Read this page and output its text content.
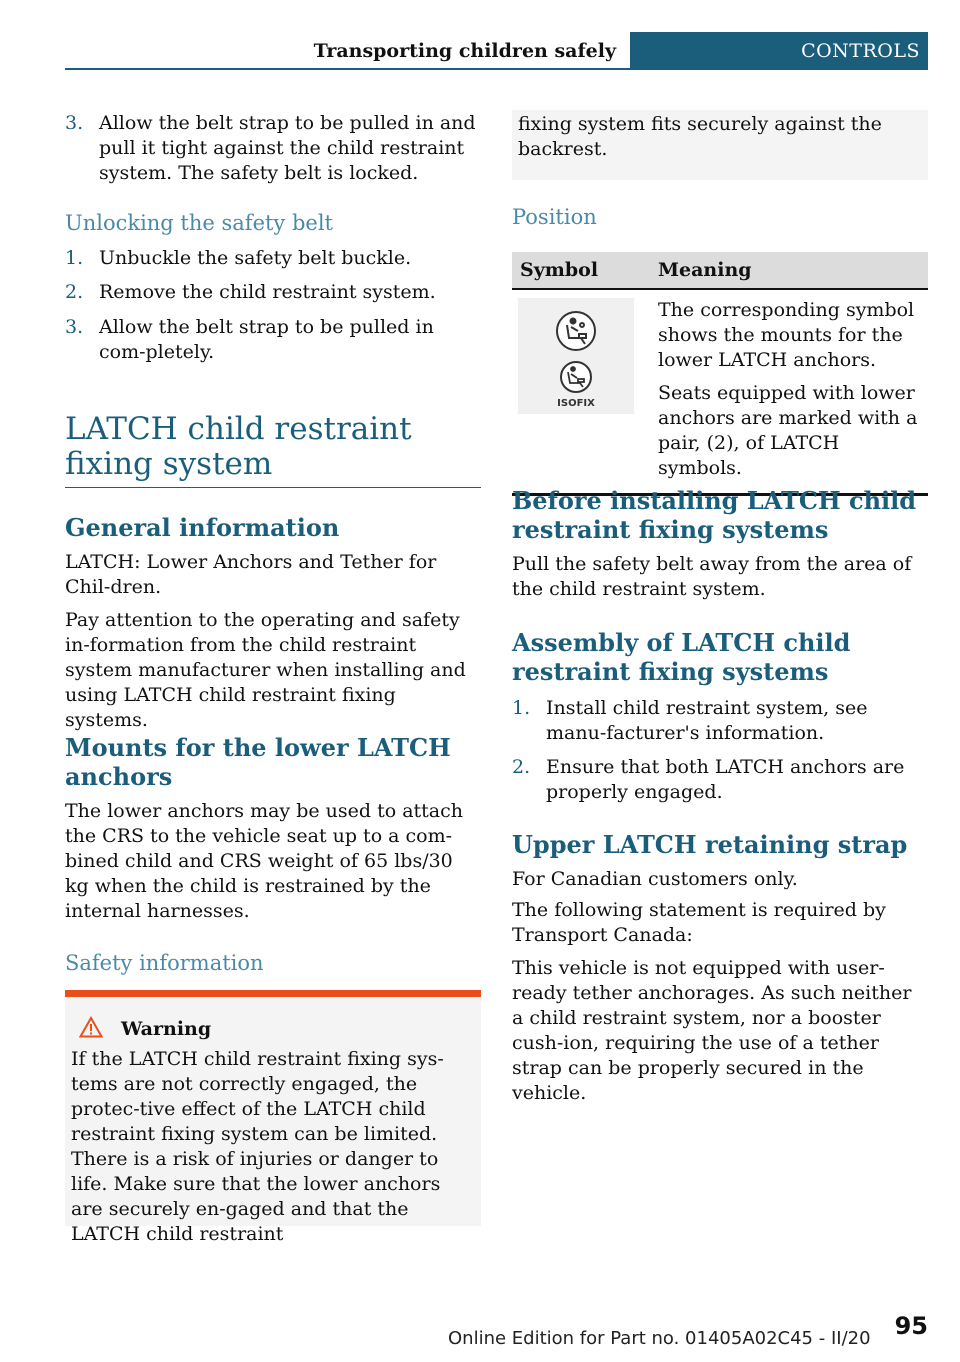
Transporting children safely	CONTROLS
3. Allow the belt strap to be pulled in and pull it tight against the child restraint system. The safety belt is locked.
Unlocking the safety belt
1. Unbuckle the safety belt buckle.
2. Remove the child restraint system.
3. Allow the belt strap to be pulled in com-pletely.
LATCH child restraint fixing system
General information
LATCH: Lower Anchors and Tether for Chil-dren.
Pay attention to the operating and safety in-formation from the child restraint system manufacturer when installing and using LATCH child restraint fixing systems.
Mounts for the lower LATCH anchors
The lower anchors may be used to attach the CRS to the vehicle seat up to a com-bined child and CRS weight of 65 lbs/30 kg when the child is restrained by the internal harnesses.
Safety information
Warning
If the LATCH child restraint fixing sys-tems are not correctly engaged, the protec-tive effect of the LATCH child restraint fixing system can be limited. There is a risk of injuries or danger to life. Make sure that the lower anchors are securely en-gaged and that the LATCH child restraint

fixing system fits securely against the backrest.

Position
Symbol	Meaning

ISOFIX	The corresponding symbol shows the mounts for the lower LATCH anchors.

Seats equipped with lower anchors are marked with a pair, (2), of LATCH symbols.

Before installing LATCH child restraint fixing systems
Pull the safety belt away from the area of the child restraint system.
Assembly of LATCH child restraint fixing systems
1. Install child restraint system, see manu-facturer's information.
2. Ensure that both LATCH anchors are properly engaged.
Upper LATCH retaining strap
For Canadian customers only.
The following statement is required by Transport Canada:
This vehicle is not equipped with user-ready tether anchorages. As such neither a child restraint system, nor a booster cush-ion, requiring the use of a tether strap can be properly secured in the vehicle.
95
Online Edition for Part no. 01405A02C45 - II/20
